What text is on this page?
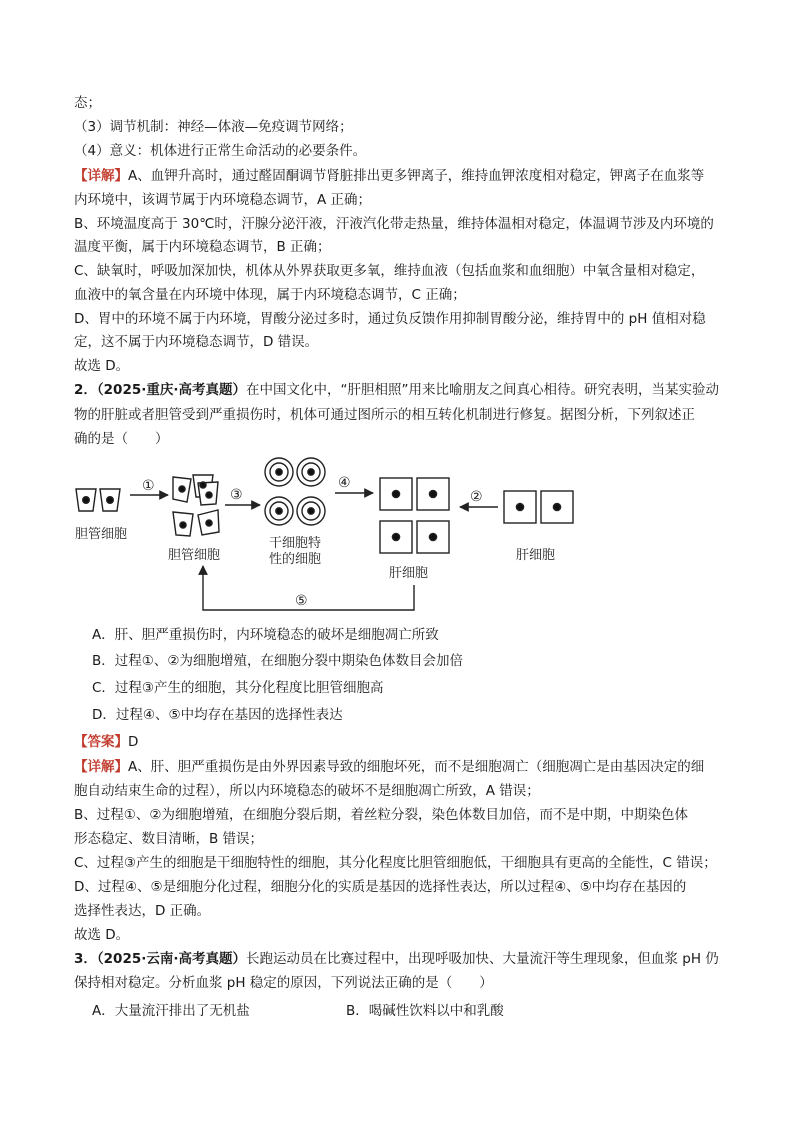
态；
（3）调节机制：神经—体液—免疫调节网络；
（4）意义：机体进行正常生命活动的必要条件。
【详解】A、血钾升高时，通过醛固酮调节肾脏排出更多钾离子，维持血钾浓度相对稳定，钾离子在血浆等
内环境中，该调节属于内环境稳态调节，A 正确；
B、环境温度高于 30℃时，汗腺分泌汗液，汗液汽化带走热量，维持体温相对稳定，体温调节涉及内环境的
温度平衡，属于内环境稳态调节，B 正确；
C、缺氧时，呼吸加深加快，机体从外界获取更多氧，维持血液（包括血浆和血细胞）中氧含量相对稳定，
血液中的氧含量在内环境中体现，属于内环境稳态调节，C 正确；
D、胃中的环境不属于内环境，胃酸分泌过多时，通过负反馈作用抑制胃酸分泌，维持胃中的 pH 值相对稳
定，这不属于内环境稳态调节，D 错误。
故选 D。
2．（2025·重庆·高考真题）在中国文化中，“肝胆相照”用来比喻朋友之间真心相待。研究表明，当某实验动
物的肝脏或者胆管受到严重损伤时，机体可通过图所示的相互转化机制进行修复。据图分析，下列叙述正
确的是（　　）
胆管细胞
①
胆管细胞
③
干细胞特
性的细胞
④
肝细胞
②
肝细胞
⑤
A．肝、胆严重损伤时，内环境稳态的破坏是细胞凋亡所致
B．过程①、②为细胞增殖，在细胞分裂中期染色体数目会加倍
C．过程③产生的细胞，其分化程度比胆管细胞高
D．过程④、⑤中均存在基因的选择性表达
【答案】D
【详解】A、肝、胆严重损伤是由外界因素导致的细胞坏死，而不是细胞凋亡（细胞凋亡是由基因决定的细
胞自动结束生命的过程），所以内环境稳态的破坏不是细胞凋亡所致，A 错误；
B、过程①、②为细胞增殖，在细胞分裂后期，着丝粒分裂，染色体数目加倍，而不是中期，中期染色体
形态稳定、数目清晰，B 错误；
C、过程③产生的细胞是干细胞特性的细胞，其分化程度比胆管细胞低，干细胞具有更高的全能性，C 错误；
D、过程④、⑤是细胞分化过程，细胞分化的实质是基因的选择性表达，所以过程④、⑤中均存在基因的
选择性表达，D 正确。
故选 D。
3．（2025·云南·高考真题）长跑运动员在比赛过程中，出现呼吸加快、大量流汗等生理现象，但血浆 pH 仍
保持相对稳定。分析血浆 pH 稳定的原因，下列说法正确的是（　　）
A．大量流汗排出了无机盐	B．喝碱性饮料以中和乳酸
